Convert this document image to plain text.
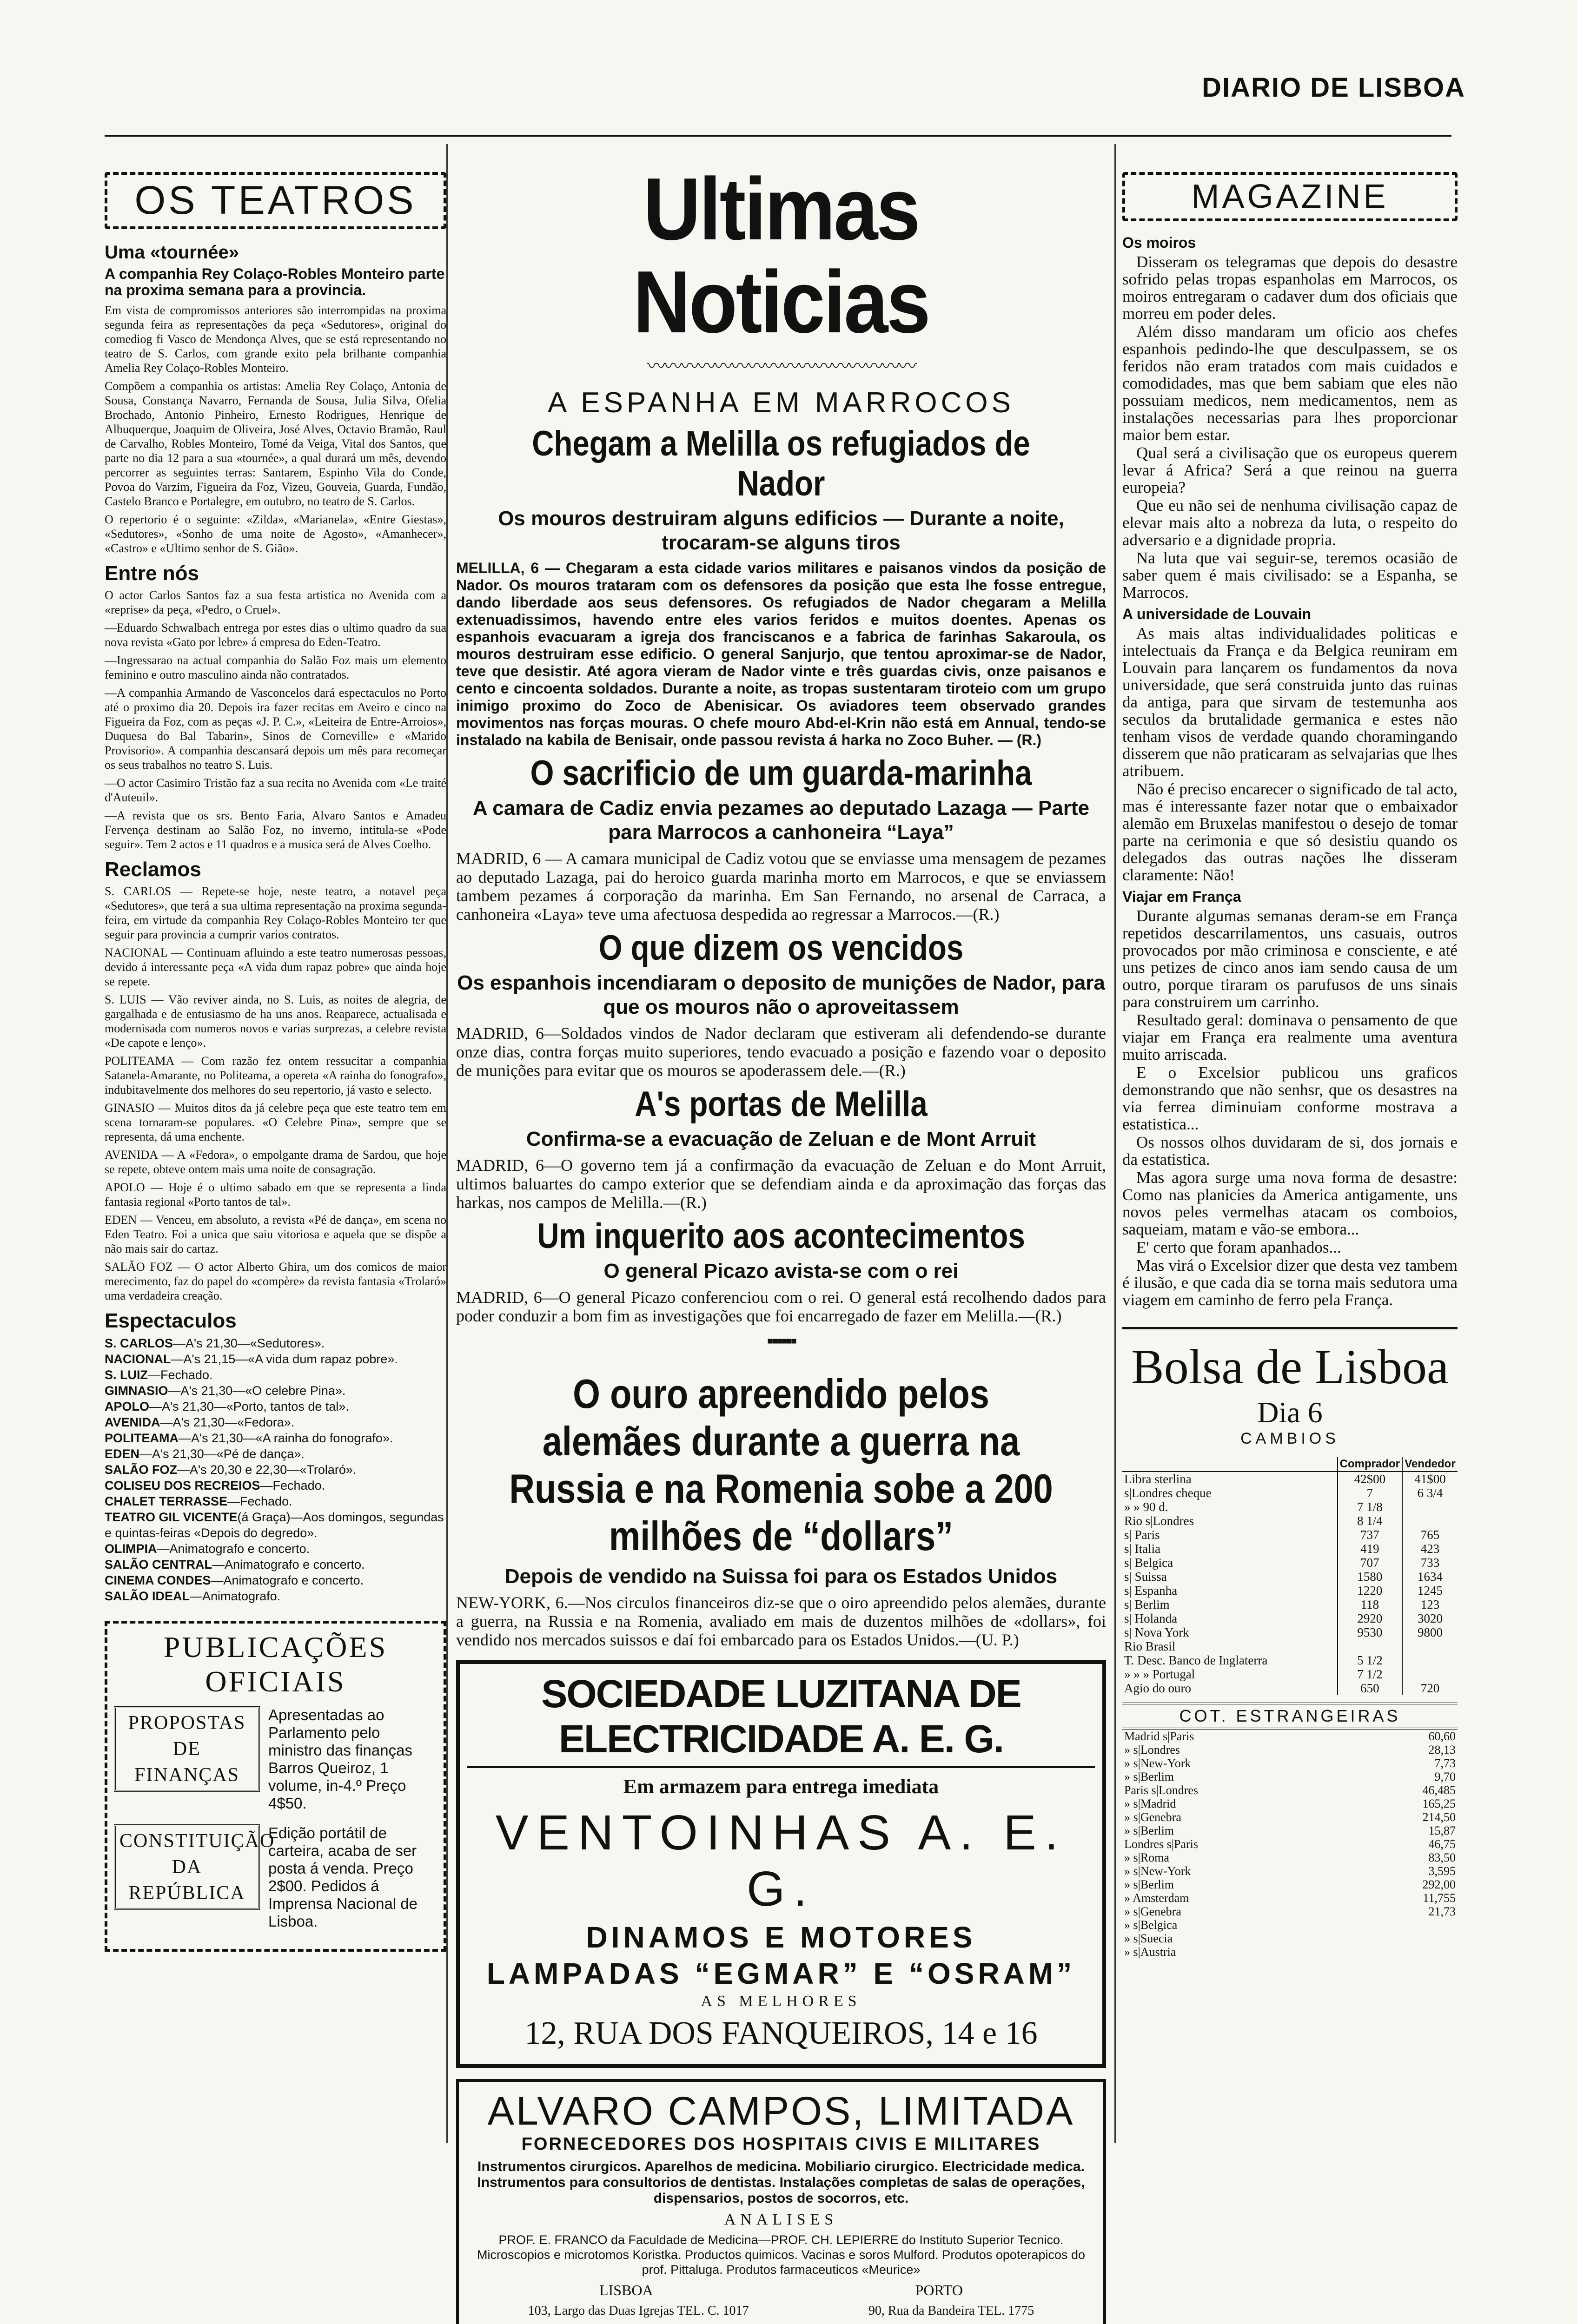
DIARIO DE LISBOA
OS TEATROS
Uma «tournée»
A companhia Rey Colaço-Robles Monteiro parte na proxima semana para a provincia.

Em vista de compromissos anteriores são interrompidas na proxima segunda feira as representações da peça «Sedutores», original do comediog fi Vasco de Mendonça Alves, que se está representando no teatro de S. Carlos, com grande exito pela brilhante companhia Amelia Rey Colaço-Robles Monteiro.

Compõem a companhia os artistas: Amelia Rey Colaço, Antonia de Sousa, Constança Navarro, Fernanda de Sousa, Julia Silva, Ofelia Brochado, Antonio Pinheiro, Ernesto Rodrigues, Henrique de Albuquerque, Joaquim de Oliveira, José Alves, Octavio Bramão, Raul de Carvalho, Robles Monteiro, Tomé da Veiga, Vital dos Santos, que parte no dia 12 para a sua «tournée», a qual durará um mês, devendo percorrer as seguintes terras: Santarem, Espinho Vila do Conde, Povoa do Varzim, Figueira da Foz, Vizeu, Gouveia, Guarda, Fundão, Castelo Branco e Portalegre, em outubro, no teatro de S. Carlos.

O repertorio é o seguinte: «Zilda», «Marianela», «Entre Giestas», «Sedutores», «Sonho de uma noite de Agosto», «Amanhecer», «Castro» e «Ultimo senhor de S. Gião».

Entre nós

O actor Carlos Santos faz a sua festa artistica no Avenida com a «reprise» da peça, «Pedro, o Cruel».

—Eduardo Schwalbach entrega por estes dias o ultimo quadro da sua nova revista «Gato por lebre» á empresa do Eden-Teatro.

—Ingressarao na actual companhia do Salão Foz mais um elemento feminino e outro masculino ainda não contratados.

—A companhia Armando de Vasconcelos dará espectaculos no Porto até o proximo dia 20. Depois ira fazer recitas em Aveiro e cinco na Figueira da Foz, com as peças «J. P. C.», «Leiteira de Entre-Arroios», Duquesa do Bal Tabarin», Sinos de Corneville» e «Marido Provisorio». A companhia descansará depois um mês para recomeçar os seus trabalhos no teatro S. Luis.

—O actor Casimiro Tristão faz a sua recita no Avenida com «Le traité d'Auteuil».

—A revista que os srs. Bento Faria, Alvaro Santos e Amadeu Fervença destinam ao Salão Foz, no inverno, intitula-se «Pode seguir». Tem 2 actos e 11 quadros e a musica será de Alves Coelho.

Reclamos

S. CARLOS — Repete-se hoje, neste teatro, a notavel peça «Sedutores», que terá a sua ultima representação na proxima segunda-feira, em virtude da companhia Rey Colaço-Robles Monteiro ter que seguir para provincia a cumprir varios contratos.

NACIONAL — Continuam afluindo a este teatro numerosas pessoas, devido á interessante peça «A vida dum rapaz pobre» que ainda hoje se repete.

S. LUIS — Vão reviver ainda, no S. Luis, as noites de alegria, de gargalhada e de entusiasmo de ha uns anos. Reaparece, actualisada e modernisada com numeros novos e varias surprezas, a celebre revista «De capote e lenço».

POLITEAMA — Com razão fez ontem ressucitar a companhia Satanela-Amarante, no Politeama, a opereta «A rainha do fonografo», indubitavelmente dos melhores do seu repertorio, já vasto e selecto.

GINASIO — Muitos ditos da já celebre peça que este teatro tem em scena tornaram-se populares. «O Celebre Pina», sempre que se representa, dá uma enchente.

AVENIDA — A «Fedora», o empolgante drama de Sardou, que hoje se repete, obteve ontem mais uma noite de consagração.

APOLO — Hoje é o ultimo sabado em que se representa a linda fantasia regional «Porto tantos de tal».

EDEN — Venceu, em absoluto, a revista «Pé de dança», em scena no Eden Teatro. Foi a unica que saiu vitoriosa e aquela que se dispõe a não mais sair do cartaz.

SALÃO FOZ — O actor Alberto Ghira, um dos comicos de maior merecimento, faz do papel do «compère» da revista fantasia «Trolaró» uma verdadeira creação.

Espectaculos
S. CARLOS—A's 21,30—«Sedutores».
NACIONAL—A's 21,15—«A vida dum rapaz pobre».
S. LUIZ—Fechado.
GIMNASIO—A's 21,30—«O celebre Pina».
APOLO—A's 21,30—«Porto, tantos de tal».
AVENIDA—A's 21,30—«Fedora».
POLITEAMA—A's 21,30—«A rainha do fonografo».
EDEN—A's 21,30—«Pé de dança».
SALÃO FOZ—A's 20,30 e 22,30—«Trolaró».
COLISEU DOS RECREIOS—Fechado.
CHALET TERRASSE—Fechado.
TEATRO GIL VICENTE(á Graça)—Aos domingos, segundas e quintas-feiras «Depois do degredo».
OLIMPIA—Animatografo e concerto.
SALÃO CENTRAL—Animatografo e concerto.
CINEMA CONDES—Animatografo e concerto.
SALÃO IDEAL—Animatografo.
PUBLICAÇÕES OFICIAIS
PROPOSTAS DE FINANÇAS
Apresentadas ao Parlamento pelo ministro das finanças Barros Queiroz, 1 volume, in-4.º Preço 4$50.
CONSTITUIÇÃO DA REPÚBLICA
Edição portátil de carteira, acaba de ser posta á venda. Preço 2$00. Pedidos á Imprensa Nacional de Lisboa.
Ultimas Noticias
〰〰〰〰〰〰〰〰〰〰〰〰〰〰〰〰
A ESPANHA EM MARROCOS
Chegam a Melilla os refugiados de Nador
Os mouros destruiram alguns edificios — Durante a noite, trocaram-se alguns tiros

MELILLA, 6 — Chegaram a esta cidade varios militares e paisanos vindos da posição de Nador. Os mouros trataram com os defensores da posição que esta lhe fosse entregue, dando liberdade aos seus defensores. Os refugiados de Nador chegaram a Melilla extenuadissimos, havendo entre eles varios feridos e muitos doentes. Apenas os espanhois evacuaram a igreja dos franciscanos e a fabrica de farinhas Sakaroula, os mouros destruiram esse edificio. O general Sanjurjo, que tentou aproximar-se de Nador, teve que desistir. Até agora vieram de Nador vinte e três guardas civis, onze paisanos e cento e cincoenta soldados. Durante a noite, as tropas sustentaram tiroteio com um grupo inimigo proximo do Zoco de Abenisicar. Os aviadores teem observado grandes movimentos nas forças mouras. O chefe mouro Abd-el-Krin não está em Annual, tendo-se instalado na kabila de Benisair, onde passou revista á harka no Zoco Buher. — (R.)

O sacrificio de um guarda-marinha
A camara de Cadiz envia pezames ao deputado Lazaga — Parte para Marrocos a canhoneira “Laya”

MADRID, 6 — A camara municipal de Cadiz votou que se enviasse uma mensagem de pezames ao deputado Lazaga, pai do heroico guarda marinha morto em Marrocos, e que se enviassem tambem pezames á corporação da marinha. Em San Fernando, no arsenal de Carraca, a canhoneira «Laya» teve uma afectuosa despedida ao regressar a Marrocos.—(R.)

O que dizem os vencidos
Os espanhois incendiaram o deposito de munições de Nador, para que os mouros não o aproveitassem

MADRID, 6—Soldados vindos de Nador declaram que estiveram ali defendendo-se durante onze dias, contra forças muito superiores, tendo evacuado a posição e fazendo voar o deposito de munições para evitar que os mouros se apoderassem dele.—(R.)

A's portas de Melilla
Confirma-se a evacuação de Zeluan e de Mont Arruit

MADRID, 6—O governo tem já a confirmação da evacuação de Zeluan e do Mont Arruit, ultimos baluartes do campo exterior que se defendiam ainda e da aproximação das forças das harkas, nos campos de Melilla.—(R.)

Um inquerito aos acontecimentos
O general Picazo avista-se com o rei

MADRID, 6—O general Picazo conferenciou com o rei. O general está recolhendo dados para poder conduzir a bom fim as investigações que foi encarregado de fazer em Melilla.—(R.)

▪▪▪▪▪▪
O ouro apreendido pelos alemães durante a guerra na Russia e na Romenia sobe a 200 milhões de “dollars”
Depois de vendido na Suissa foi para os Estados Unidos

NEW-YORK, 6.—Nos circulos financeiros diz-se que o oiro apreendido pelos alemães, durante a guerra, na Russia e na Romenia, avaliado em mais de duzentos milhões de «dollars», foi vendido nos mercados suissos e daí foi embarcado para os Estados Unidos.—(U. P.)

SOCIEDADE LUZITANA DE ELECTRICIDADE A. E. G.
Em armazem para entrega imediata
VENTOINHAS A. E. G.
DINAMOS E MOTORES
LAMPADAS “EGMAR” E “OSRAM”
AS MELHORES
12, RUA DOS FANQUEIROS, 14 e 16
ALVARO CAMPOS, LIMITADA
FORNECEDORES DOS HOSPITAIS CIVIS E MILITARES
Instrumentos cirurgicos. Aparelhos de medicina. Mobiliario cirurgico. Electricidade medica. Instrumentos para consultorios de dentistas. Instalações completas de salas de operações, dispensarios, postos de socorros, etc.
ANALISES
PROF. E. FRANCO da Faculdade de Medicina—PROF. CH. LEPIERRE do Instituto Superior Tecnico. Microscopios e microtomos Koristka. Productos quimicos. Vacinas e soros Mulford. Produtos opoterapicos do prof. Pittaluga. Produtos farmaceuticos «Meurice»
LISBOA	PORTO
103, Largo das Duas Igrejas TEL. C. 1017	90, Rua da Bandeira TEL. 1775
MAGAZINE
Os moiros

Disseram os telegramas que depois do desastre sofrido pelas tropas espanholas em Marrocos, os moiros entregaram o cadaver dum dos oficiais que morreu em poder deles.

Além disso mandaram um oficio aos chefes espanhois pedindo-lhe que desculpassem, se os feridos não eram tratados com mais cuidados e comodidades, mas que bem sabiam que eles não possuiam medicos, nem medicamentos, nem as instalações necessarias para lhes proporcionar maior bem estar.

Qual será a civilisação que os europeus querem levar á Africa? Será a que reinou na guerra europeia?

Que eu não sei de nenhuma civilisação capaz de elevar mais alto a nobreza da luta, o respeito do adversario e a dignidade propria.

Na luta que vai seguir-se, teremos ocasião de saber quem é mais civilisado: se a Espanha, se Marrocos.

A universidade de Louvain

As mais altas individualidades politicas e intelectuais da França e da Belgica reuniram em Louvain para lançarem os fundamentos da nova universidade, que será construida junto das ruinas da antiga, para que sirvam de testemunha aos seculos da brutalidade germanica e estes não tenham visos de verdade quando choramingando disserem que não praticaram as selvajarias que lhes atribuem.

Não é preciso encarecer o significado de tal acto, mas é interessante fazer notar que o embaixador alemão em Bruxelas manifestou o desejo de tomar parte na cerimonia e que só desistiu quando os delegados das outras nações lhe disseram claramente: Não!

Viajar em França

Durante algumas semanas deram-se em França repetidos descarrilamentos, uns casuais, outros provocados por mão criminosa e consciente, e até uns petizes de cinco anos iam sendo causa de um outro, porque tiraram os parufusos de uns sinais para construirem um carrinho.

Resultado geral: dominava o pensamento de que viajar em França era realmente uma aventura muito arriscada.

E o Excelsior publicou uns graficos demonstrando que não senhsr, que os desastres na via ferrea diminuiam conforme mostrava a estatistica...

Os nossos olhos duvidaram de si, dos jornais e da estatistica.

Mas agora surge uma nova forma de desastre: Como nas planicies da America antigamente, uns novos peles vermelhas atacam os comboios, saqueiam, matam e vão-se embora...

E' certo que foram apanhados...

Mas virá o Excelsior dizer que desta vez tambem é ilusão, e que cada dia se torna mais sedutora uma viagem em caminho de ferro pela França.

Bolsa de Lisboa
Dia 6
CAMBIOS
	Comprador	Vendedor
Libra sterlina	42$00	41$00
s|Londres cheque	7	6 3/4
» » 90 d.	7 1/8	
Rio s|Londres	8 1/4	
s| Paris	737	765
s| Italia	419	423
s| Belgica	707	733
s| Suissa	1580	1634
s| Espanha	1220	1245
s| Berlim	118	123
s| Holanda	2920	3020
s| Nova York	9530	9800
Rio Brasil		
T. Desc. Banco de Inglaterra	5 1/2	
» » » Portugal	7 1/2	
Agio do ouro	650	720
COT. ESTRANGEIRAS
Madrid s|Paris	60,60
» s|Londres	28,13
» s|New-York	7,73
» s|Berlim	9,70
Paris s|Londres	46,485
» s|Madrid	165,25
» s|Genebra	214,50
» s|Berlim	15,87
Londres s|Paris	46,75
» s|Roma	83,50
» s|New-York	3,595
» s|Berlim	292,00
» Amsterdam	11,755
» s|Genebra	21,73
» s|Belgica	
» s|Suecia	
» s|Austria	
